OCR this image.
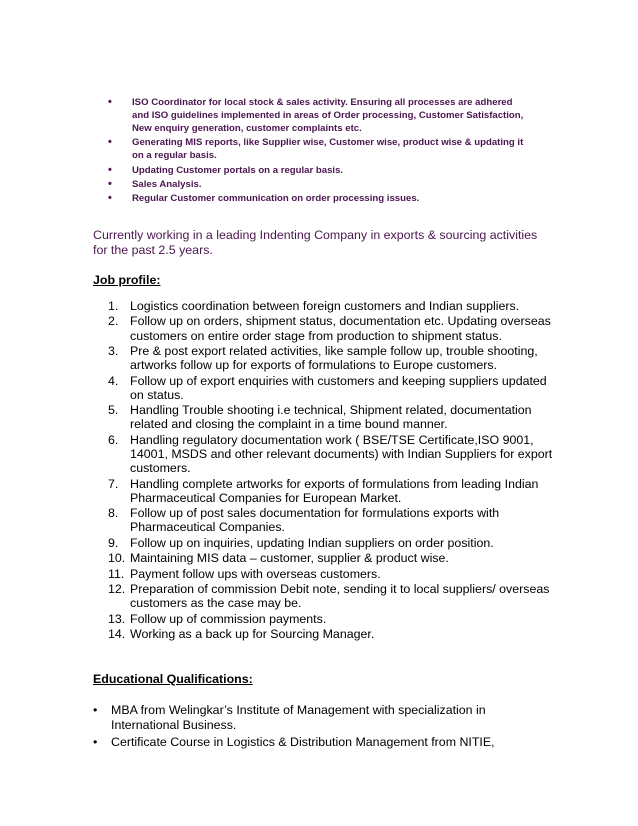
• ISO Coordinator for local stock & sales activity. Ensuring all processes are adhered and ISO guidelines implemented in areas of Order processing, Customer Satisfaction, New enquiry generation, customer complaints etc.
• Generating MIS reports, like Supplier wise, Customer wise, product wise & updating it on a regular basis.
• Updating Customer portals on a regular basis.
• Sales Analysis.
• Regular Customer communication on order processing issues.
Currently working in a leading Indenting Company in exports & sourcing activities for the past 2.5 years.
Job profile:
1. Logistics coordination between foreign customers and Indian suppliers.
2. Follow up on orders, shipment status, documentation etc. Updating overseas customers on entire order stage from production to shipment status.
3. Pre & post export related activities, like sample follow up, trouble shooting, artworks follow up for exports of formulations to Europe customers.
4. Follow up of export enquiries with customers and keeping suppliers updated on status.
5. Handling Trouble shooting i.e technical, Shipment related, documentation related and closing the complaint in a time bound manner.
6. Handling regulatory documentation work ( BSE/TSE Certificate,ISO 9001, 14001, MSDS and other relevant documents) with Indian Suppliers for export customers.
7. Handling complete artworks for exports of formulations from leading Indian Pharmaceutical Companies for European Market.
8. Follow up of post sales documentation for formulations exports with Pharmaceutical Companies.
9. Follow up on inquiries, updating Indian suppliers on order position.
10. Maintaining MIS data – customer, supplier & product wise.
11. Payment follow ups with overseas customers.
12. Preparation of commission Debit note, sending it to local suppliers/ overseas customers as the case may be.
13. Follow up of commission payments.
14. Working as a back up for Sourcing Manager.
Educational Qualifications:
• MBA from Welingkar’s Institute of Management with specialization in International Business.
• Certificate Course in Logistics & Distribution Management from NITIE,
